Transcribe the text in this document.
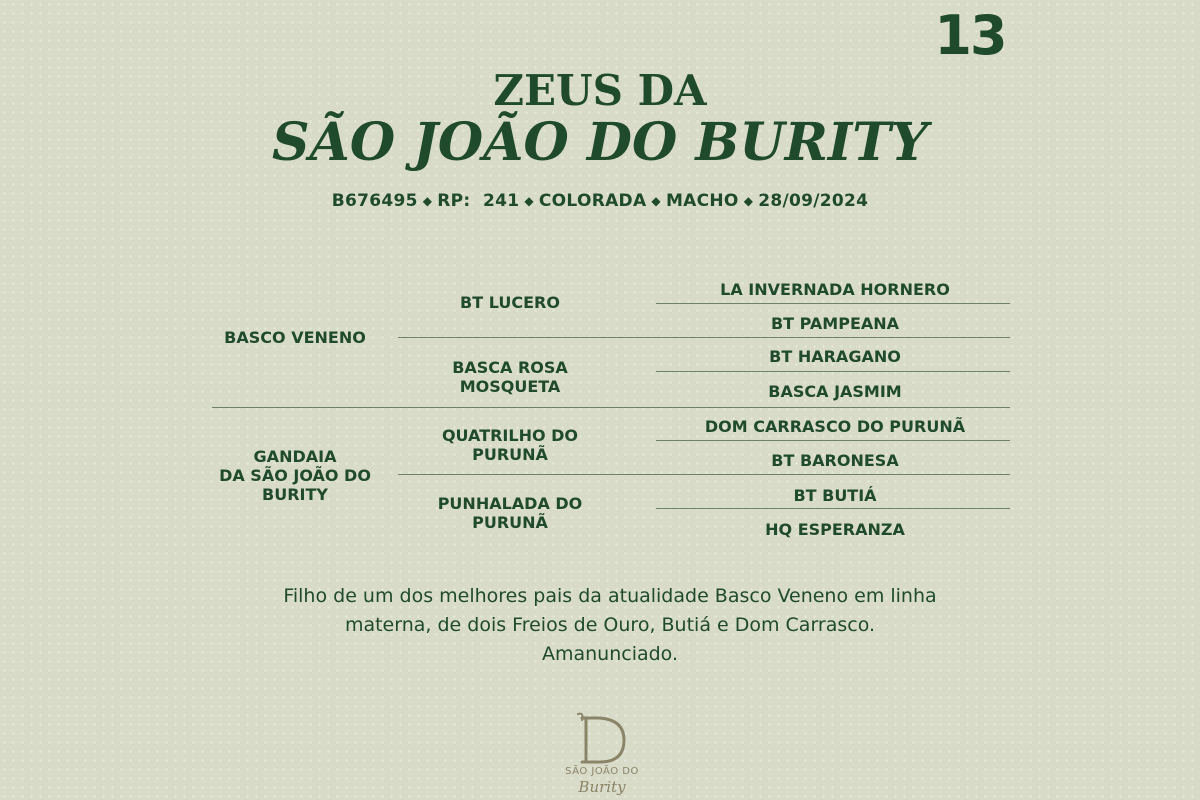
13
ZEUS DA
SÃO JOÃO DO BURITY
B676495 ◆ RP:  241 ◆ COLORADA ◆ MACHO ◆ 28/09/2024
BASCO VENENO
GANDAIA
DA SÃO JOÃO DO
BURITY
BT LUCERO
BASCA ROSA
MOSQUETA
QUATRILHO DO
PURUNÃ
PUNHALADA DO
PURUNÃ
LA INVERNADA HORNERO
BT PAMPEANA
BT HARAGANO
BASCA JASMIM
DOM CARRASCO DO PURUNÃ
BT BARONESA
BT BUTIÁ
HQ ESPERANZA
Filho de um dos melhores pais da atualidade Basco Veneno em linha
materna, de dois Freios de Ouro, Butiá e Dom Carrasco.
Amanunciado.
SÃO JOÃO DO
Burity
